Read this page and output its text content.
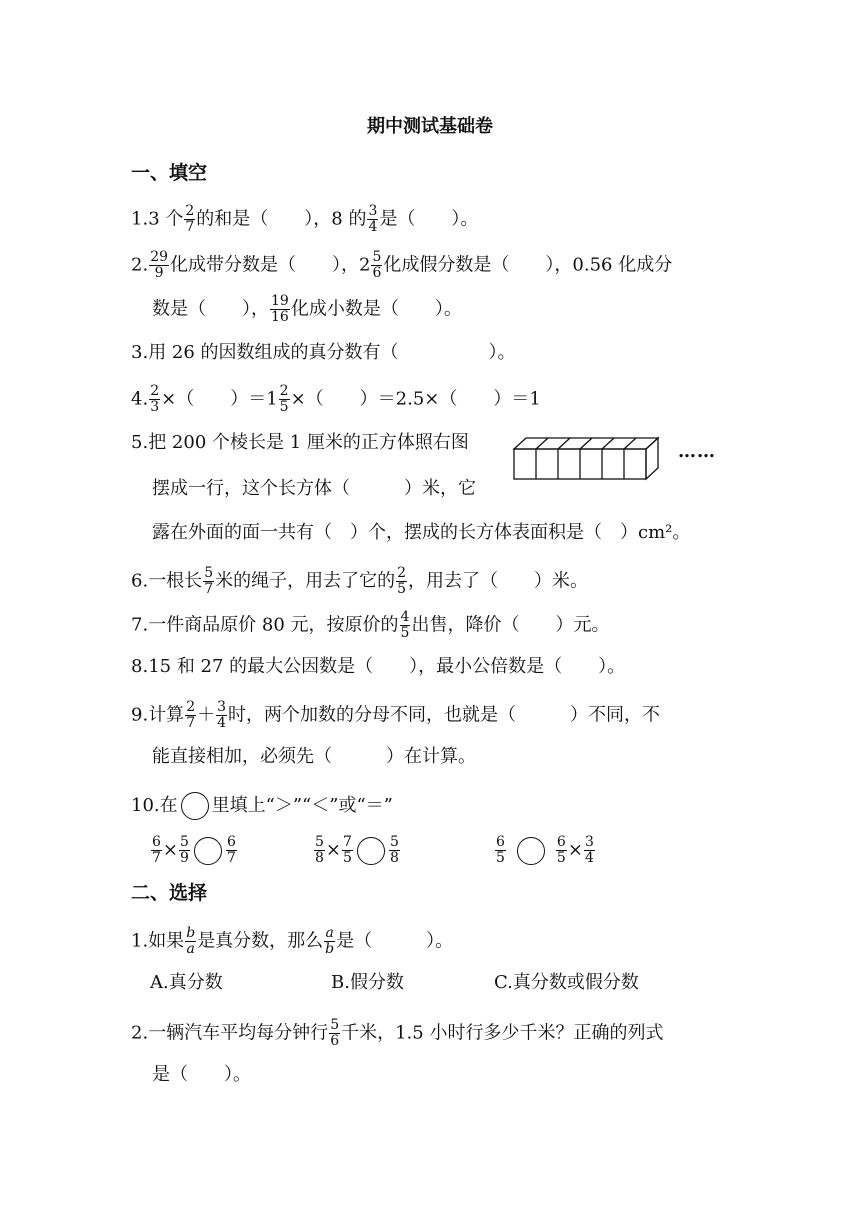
期中测试基础卷
一、填空
1.3 个 $\frac{2}{7}$ 的和是（　　），8 的 $\frac{3}{4}$ 是（　　）。
2. $\frac{29}{9}$ 化成带分数是（　　），$2 \frac{5}{6}$ 化成假分数是（　　），0.56 化成分
数是（　　）， $\frac{19}{16}$ 化成小数是（　　）。
3.用 26 的因数组成的真分数有（　　　　　）。
4. $\frac{2}{3}$ ×（　　）$=1 \frac{2}{5}$ ×（　　）＝2.5×（　　）＝1
5.把 200 个棱长是 1 厘米的正方体照右图	……
摆成一行，这个长方体（　　　）米，它
露在外面的面一共有（　）个，摆成的长方体表面积是（　）cm²。
6.一根长 $\frac{5}{7}$ 米的绳子，用去了它的 $\frac{2}{5}$ ，用去了（　　）米。
7.一件商品原价 80 元，按原价的 $\frac{4}{5}$ 出售，降价（　　）元。
8.15 和 27 的最大公因数是（　　），最小公倍数是（　　）。
9.计算 $\frac{2}{7} + \frac{3}{4}$ 时，两个加数的分母不同，也就是（　　　）不同，不
能直接相加，必须先（　　　）在计算。
10.在 里填上“＞”“＜”或“＝”
$\frac{6}{7} \times \frac{5}{9}$	$\frac{6}{7}$	$\frac{5}{8} \times \frac{7}{5}$	$\frac{5}{8}$	$\frac{6}{5}$	$\frac{6}{5} \times \frac{3}{4}$
二、选择
1.如果 $\frac{b}{a}$ 是真分数，那么 $\frac{a}{b}$ 是（　　　）。
A.真分数	B.假分数	C.真分数或假分数
2.一辆汽车平均每分钟行 $\frac{5}{6}$ 千米，1.5 小时行多少千米？正确的列式
是（　　）。
